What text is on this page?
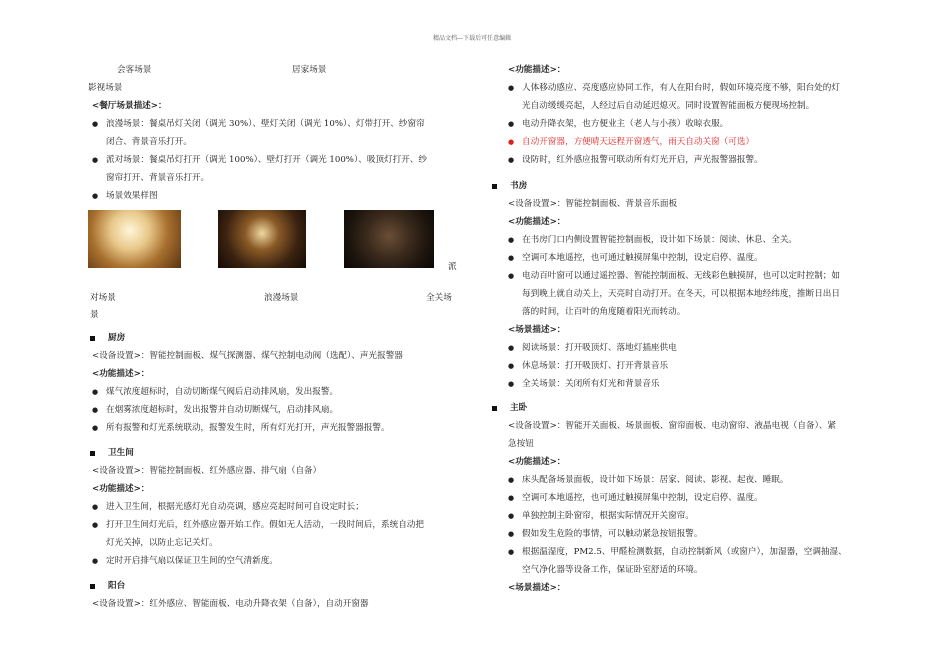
精品文档---下载后可任意编辑
会客场景	居家场景
影视场景
<餐厅场景描述>：
● 浪漫场景：餐桌吊灯关闭（调光 30%）、壁灯关闭（调光 10%）、灯带打开、纱窗帘
闭合、背景音乐打开。
● 派对场景：餐桌吊灯打开（调光 100%）、壁灯打开（调光 100%）、吸顶灯打开、纱
窗帘打开、背景音乐打开。
● 场景效果样图
派
对场景	浪漫场景	全关场
景
厨房
<设备设置>：智能控制面板、煤气探测器、煤气控制电动阀（选配）、声光报警器
<功能描述>：
● 煤气浓度超标时，自动切断煤气阀后启动排风扇，发出报警。
● 在烟雾浓度超标时，发出报警并自动切断煤气，启动排风扇。
● 所有报警和灯光系统联动，报警发生时，所有灯光打开，声光报警器报警。
卫生间
<设备设置>：智能控制面板、红外感应器、排气扇（自备）
<功能描述>：
● 进入卫生间，根据光感灯光自动亮调，感应亮起时间可自设定时长；
● 打开卫生间灯光后，红外感应器开始工作。假如无人活动，一段时间后，系统自动把
灯光关掉，以防止忘记关灯。
● 定时开启排气扇以保证卫生间的空气清新度。
阳台
<设备设置>：红外感应、智能面板、电动升降衣架（自备），自动开窗器
<功能描述>：
● 人体移动感应、亮度感应协同工作，有人在阳台时，假如环境亮度不够，阳台处的灯
光自动缓缓亮起，人经过后自动延迟熄灭。同时设置智能面板方便现场控制。
● 电动升降衣架，也方便业主（老人与小孩）收晾衣服。
● 自动开窗器，方便晴天远程开窗透气，雨天自动关窗（可选）
● 设防时，红外感应报警可联动所有灯光开启，声光报警器报警。
书房
<设备设置>：智能控制面板、背景音乐面板
<功能描述>：
● 在书房门口内侧设置智能控制面板，设计如下场景：阅读、休息、全关。
● 空调可本地遥控，也可通过触摸屏集中控制，设定启停、温度。
● 电动百叶窗可以通过遥控器、智能控制面板、无线彩色触摸屏，也可以定时控制；如
每到晚上就自动关上，天亮时自动打开。在冬天，可以根据本地经纬度，推断日出日
落的时间，让百叶的角度随着阳光而转动。
<场景描述>：
● 阅读场景：打开吸顶灯、落地灯插座供电
● 休息场景：打开吸顶灯、打开背景音乐
● 全关场景：关闭所有灯光和背景音乐
主卧
<设备设置>：智能开关面板、场景面板、窗帘面板、电动窗帘、液晶电视（自备）、紧
急按钮
<功能描述>：
● 床头配备场景面板，设计如下场景：居家、阅读、影视、起夜、睡眠。
● 空调可本地遥控，也可通过触摸屏集中控制，设定启停、温度。
● 单独控制主卧窗帘，根据实际情况开关窗帘。
● 假如发生危险的事情，可以触动紧急按钮报警。
● 根据温湿度，PM2.5、甲醛检测数据，自动控制新风（或窗户），加湿器，空调抽湿、
空气净化器等设备工作，保证卧室舒适的环境。
<场景描述>：
